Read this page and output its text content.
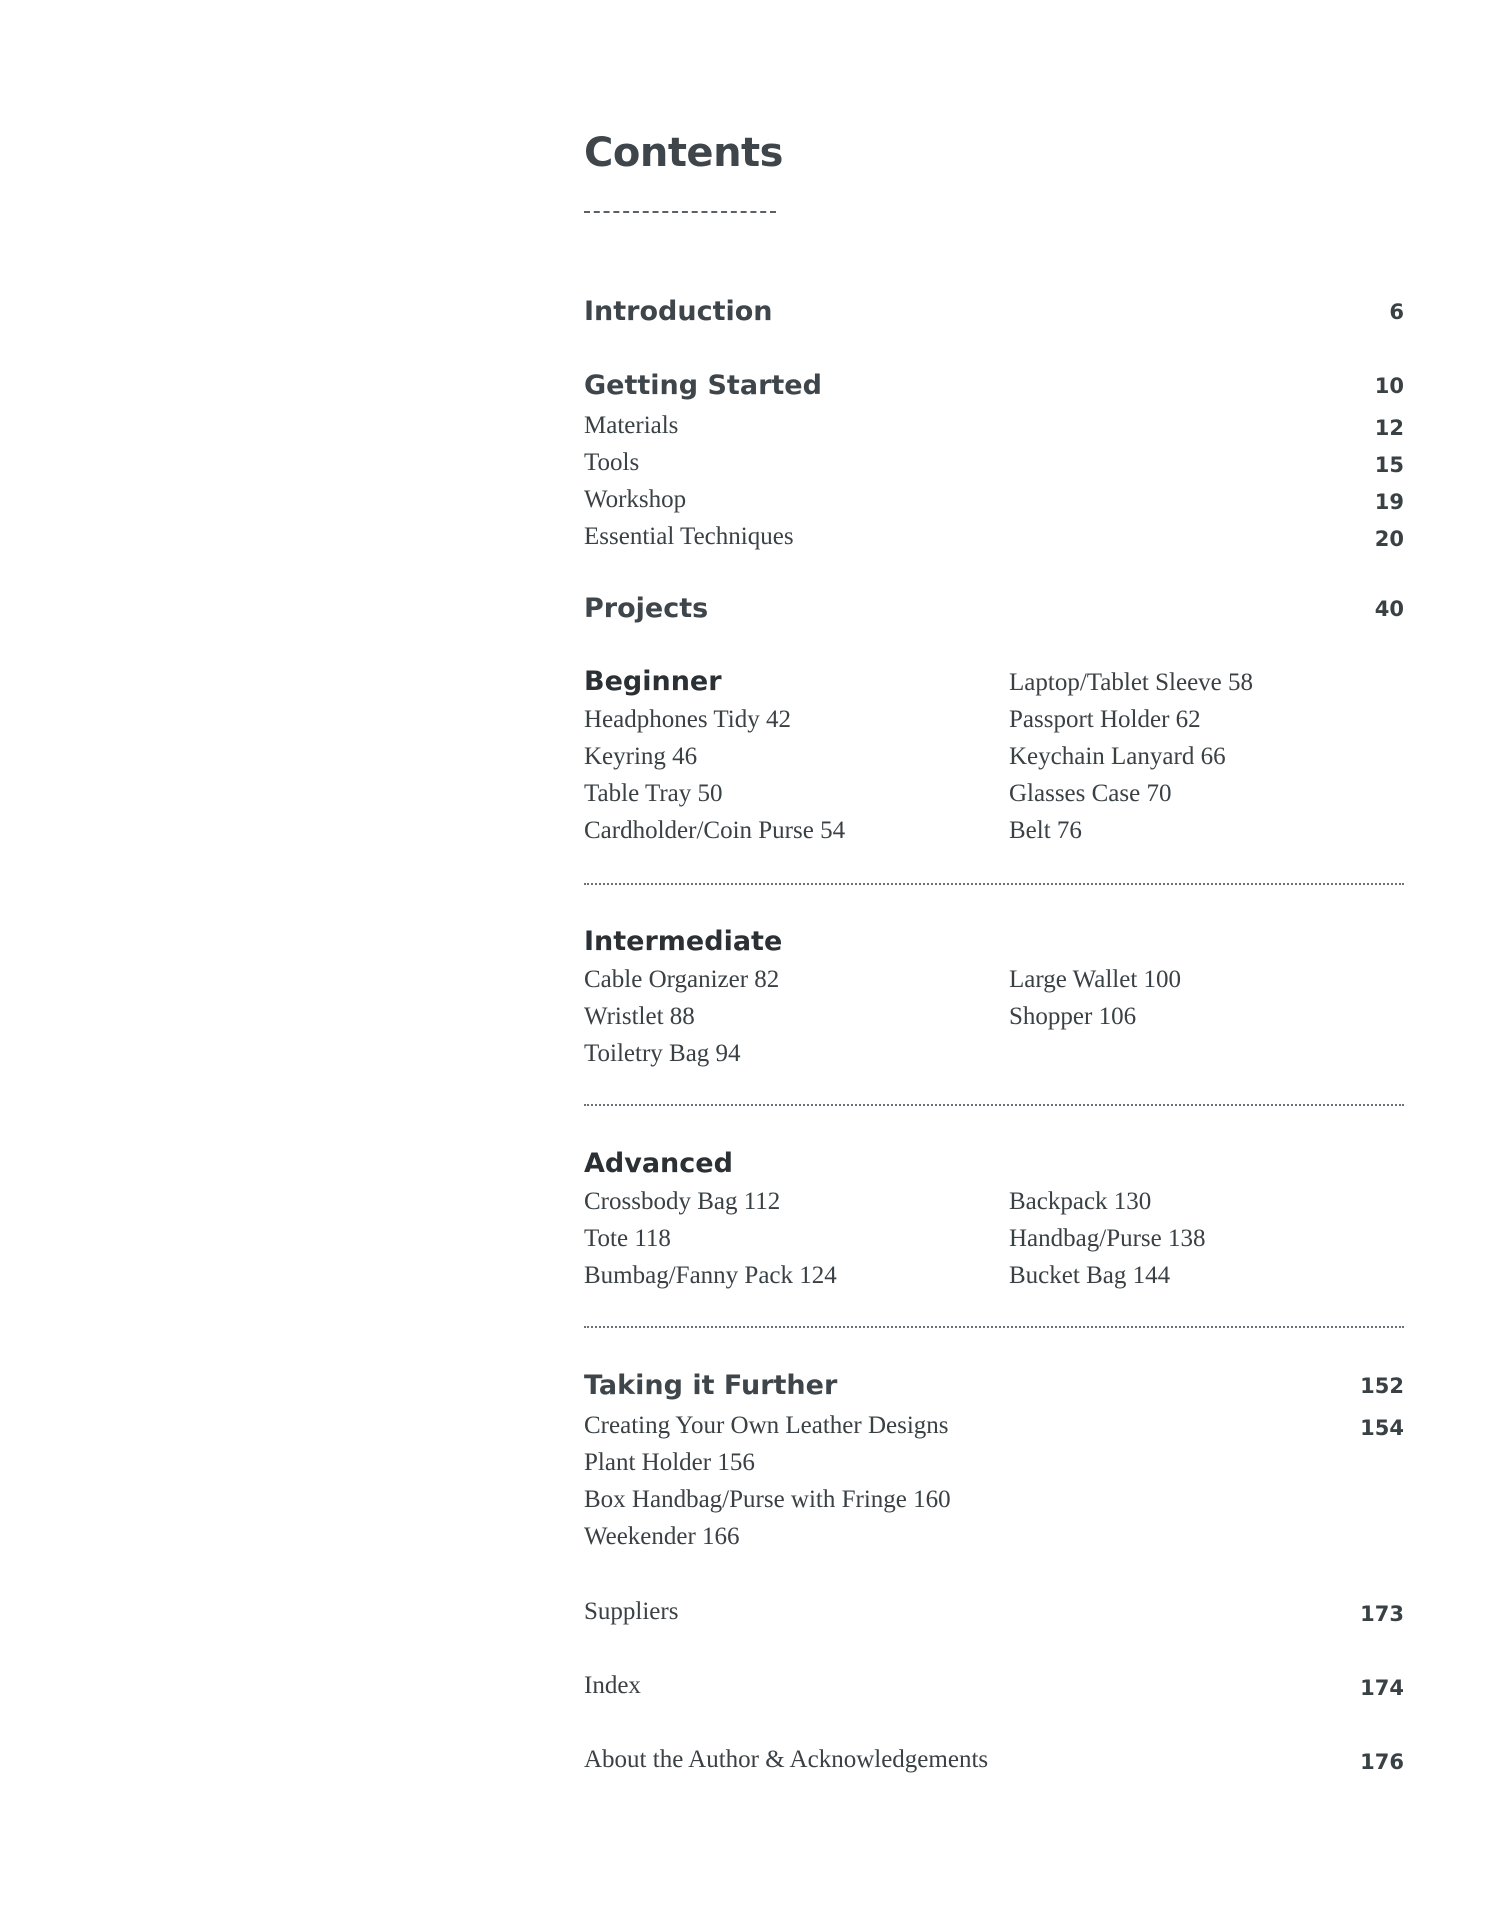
Contents
Introduction	6
Getting Started	10
Materials	12
Tools	15
Workshop	19
Essential Techniques	20
Projects	40
Beginner
Headphones Tidy 42
Keyring 46
Table Tray 50
Cardholder/Coin Purse 54
Laptop/Tablet Sleeve 58
Passport Holder 62
Keychain Lanyard 66
Glasses Case 70
Belt 76
Intermediate
Cable Organizer 82
Wristlet 88
Toiletry Bag 94
Large Wallet 100
Shopper 106
Advanced
Crossbody Bag 112
Tote 118
Bumbag/Fanny Pack 124
Backpack 130
Handbag/Purse 138
Bucket Bag 144
Taking it Further	152
Creating Your Own Leather Designs	154
Plant Holder 156
Box Handbag/Purse with Fringe 160
Weekender 166
Suppliers	173
Index	174
About the Author & Acknowledgements	176
